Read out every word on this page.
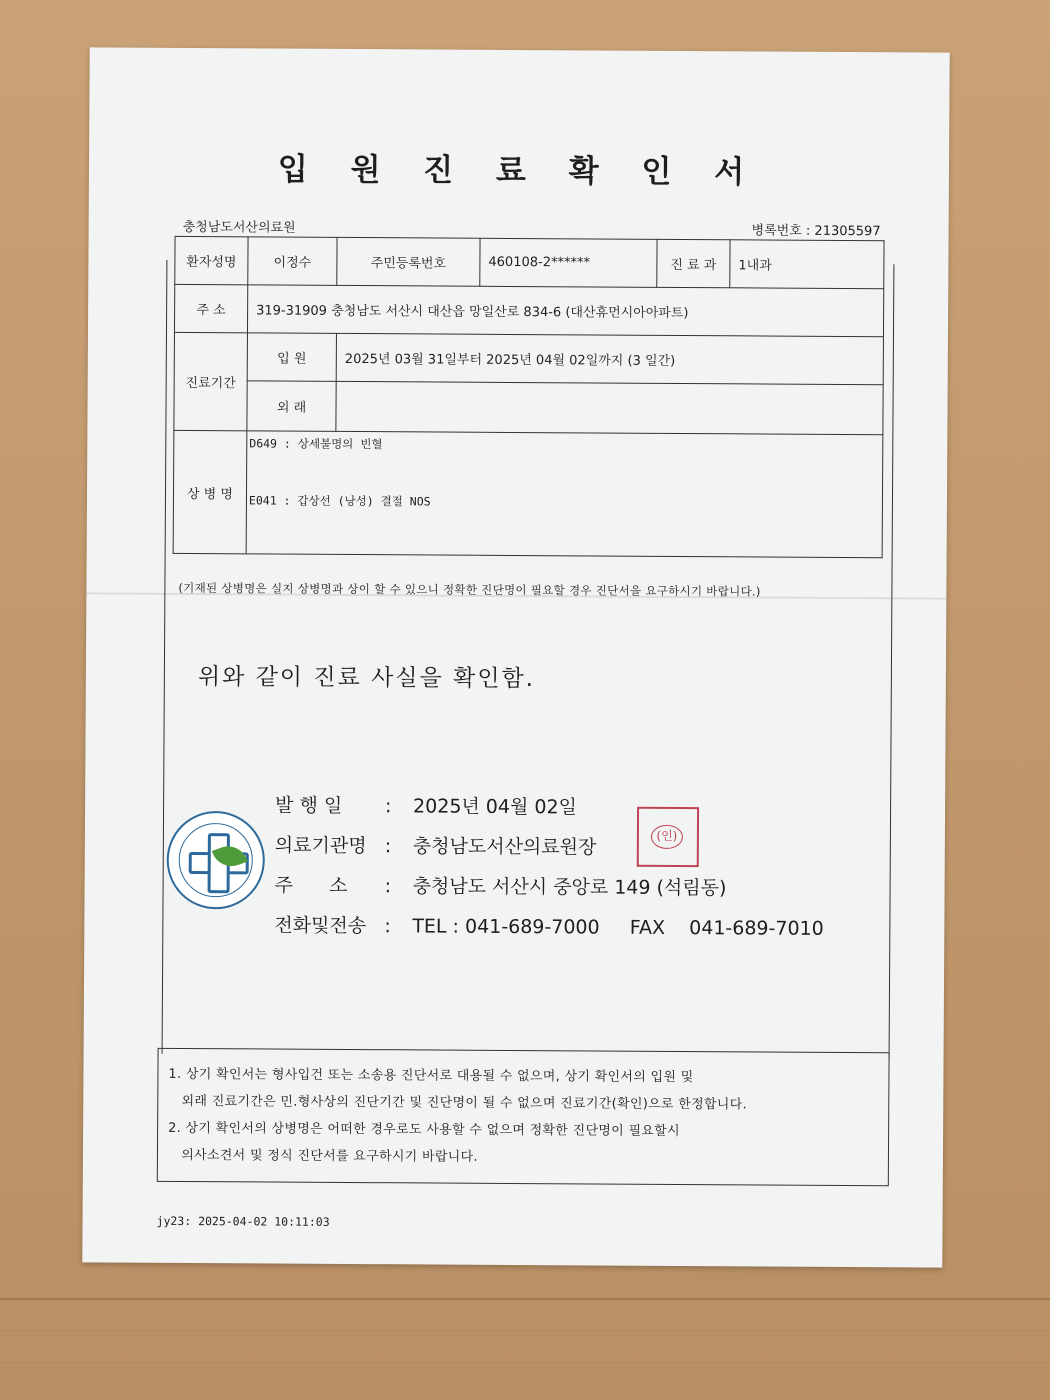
입 원 진 료 확 인 서
충청남도서산의료원	병록번호 : 21305597
환자성명	이정수	주민등록번호	460108-2******	진 료 과	1내과
주 소	319-31909 충청남도 서산시 대산읍 망일산로 834-6 (대산휴먼시아아파트)				
진료기간	입 원	2025년 03월 31일부터 2025년 04월 02일까지 (3 일간)			
	외 래				
상 병 명	D649 : 상세불명의 빈혈
E041 : 갑상선 (낭성) 결절 NOS				
(기재된 상병명은 실지 상병명과 상이 할 수 있으니 정확한 진단명이 필요할 경우 진단서을 요구하시기 바랍니다.)
위와 같이 진료 사실을 확인함.
발 행 일 : 2025년 04월 02일
의료기관명 : 충청남도서산의료원장
주      소 : 충청남도 서산시 중앙로 149 (석림동)
전화및전송 : TEL : 041-689-7000     FAX    041-689-7010
(인)
1. 상기 확인서는 형사입건 또는 소송용 진단서로 대용될 수 없으며, 상기 확인서의 입원 및
외래 진료기간은 민.형사상의 진단기간 및 진단명이 될 수 없으며 진료기간(확인)으로 한정합니다.
2. 상기 확인서의 상병명은 어떠한 경우로도 사용할 수 없으며 정확한 진단명이 필요할시
의사소견서 및 정식 진단서를 요구하시기 바랍니다.
jy23: 2025-04-02 10:11:03
